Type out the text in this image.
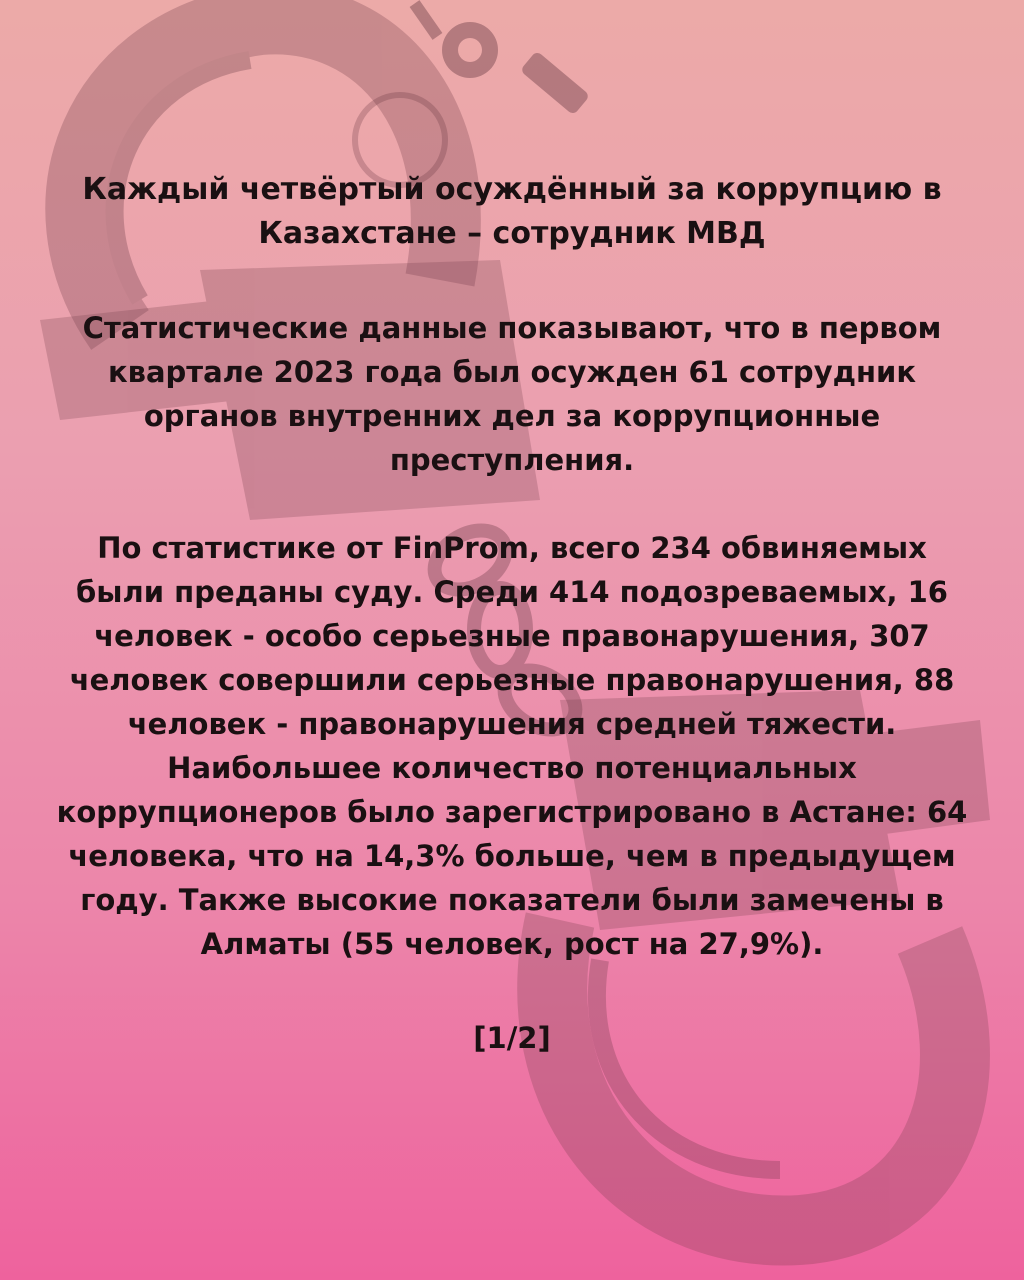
Каждый четвёртый осуждённый за коррупцию в Казахстане – сотрудник МВД

Статистические данные показывают, что в первом квартале 2023 года был осужден 61 сотрудник органов внутренних дел за коррупционные преступления.

По статистике от FinProm, всего 234 обвиняемых были преданы суду. Среди 414 подозреваемых, 16 человек - особо серьезные правонарушения, 307 человек совершили серьезные правонарушения, 88 человек - правонарушения средней тяжести. Наибольшее количество потенциальных коррупционеров было зарегистрировано в Астане: 64 человека, что на 14,3% больше, чем в предыдущем году. Также высокие показатели были замечены в Алматы (55 человек, рост на 27,9%).

[1/2]
